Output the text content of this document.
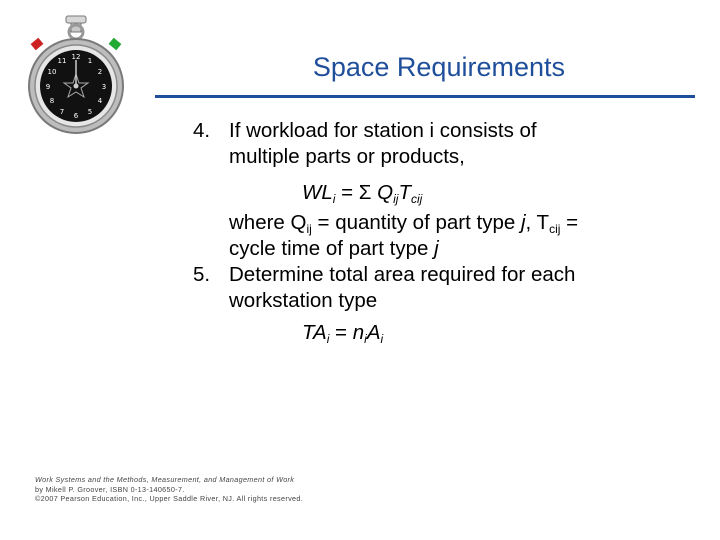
12 1
2
3
4
5
6
7
8
9
10
11	Space Requirements
4. If workload for station i consists of
multiple parts or products,
$WL_i = \Sigma$ $Q_{ij}T_{cij}$
where $Q_{ij}$ = quantity of part type j, $T_{cij}$ =
cycle time of part type j
5. Determine total area required for each
workstation type
$TA_i = n_iA_i$
Work Systems and the Methods, Measurement, and Management of Work
by Mikell P. Groover, ISBN 0-13-140650-7.
©2007 Pearson Education, Inc., Upper Saddle River, NJ. All rights reserved.
